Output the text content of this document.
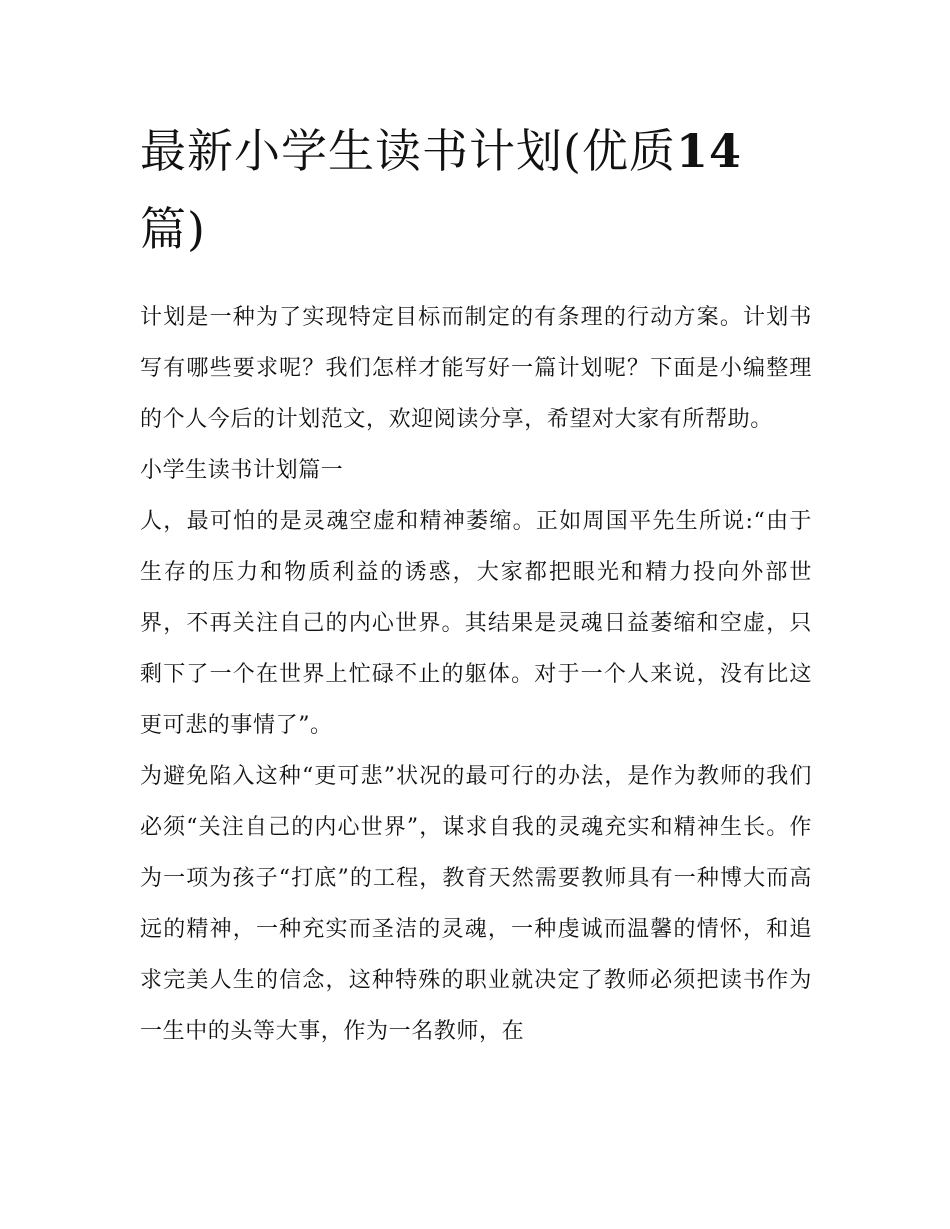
最新小学生读书计划(优质14
篇)

计划是一种为了实现特定目标而制定的有条理的行动方案。计划书写有哪些要求呢？我们怎样才能写好一篇计划呢？下面是小编整理的个人今后的计划范文，欢迎阅读分享，希望对大家有所帮助。

小学生读书计划篇一

人，最可怕的是灵魂空虚和精神萎缩。正如周国平先生所说:“由于生存的压力和物质利益的诱惑，大家都把眼光和精力投向外部世界，不再关注自己的内心世界。其结果是灵魂日益萎缩和空虚，只剩下了一个在世界上忙碌不止的躯体。对于一个人来说，没有比这更可悲的事情了”。

为避免陷入这种“更可悲”状况的最可行的办法，是作为教师的我们必须“关注自己的内心世界”，谋求自我的灵魂充实和精神生长。作为一项为孩子“打底”的工程，教育天然需要教师具有一种博大而高远的精神，一种充实而圣洁的灵魂，一种虔诚而温馨的情怀，和追求完美人生的信念，这种特殊的职业就决定了教师必须把读书作为一生中的头等大事，作为一名教师，在
